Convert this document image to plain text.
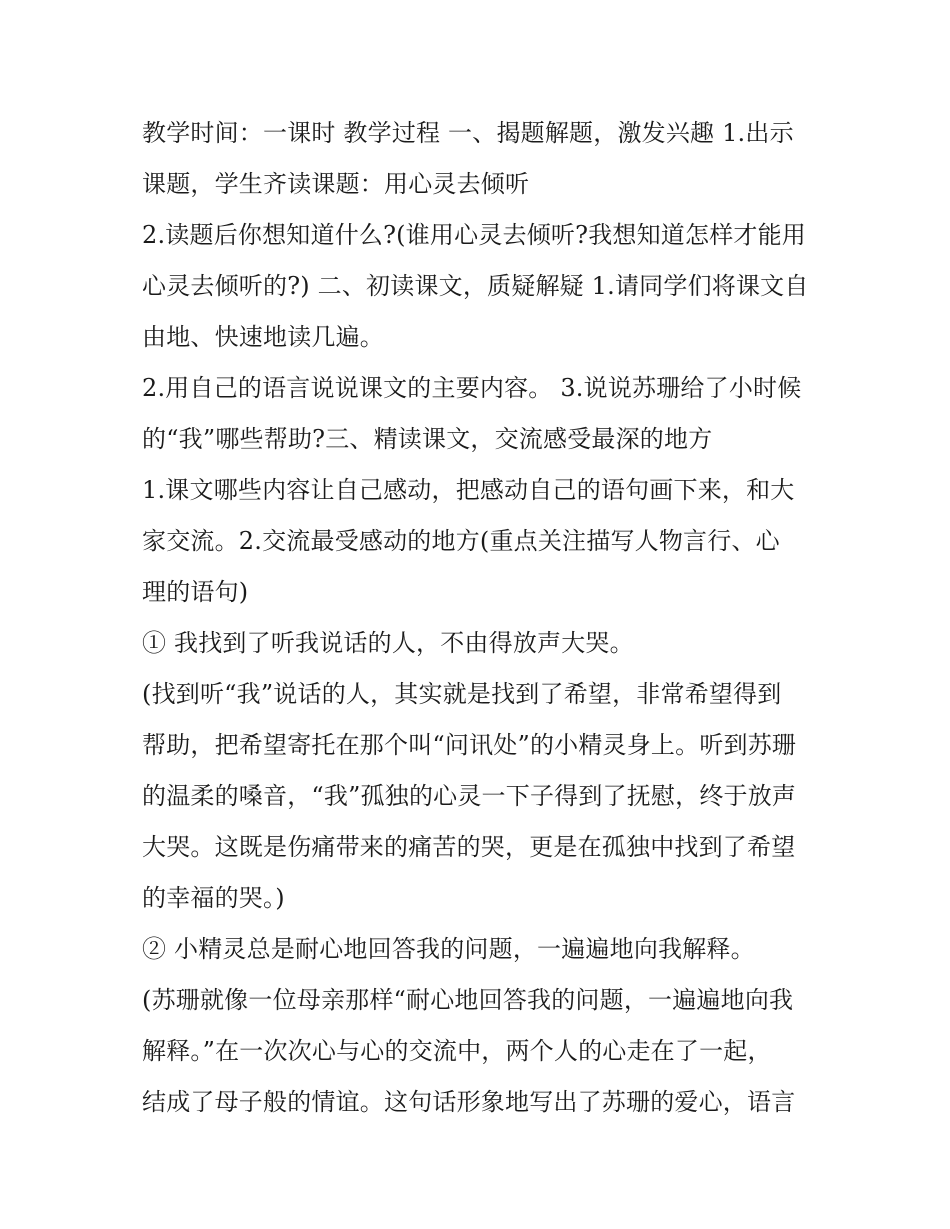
教学时间：一课时 教学过程 一、揭题解题，激发兴趣 1.出示
课题，学生齐读课题：用心灵去倾听
2.读题后你想知道什么?(谁用心灵去倾听?我想知道怎样才能用
心灵去倾听的?) 二、初读课文，质疑解疑 1.请同学们将课文自
由地、快速地读几遍。
2.用自己的语言说说课文的主要内容。 3.说说苏珊给了小时候
的“我”哪些帮助?三、精读课文，交流感受最深的地方
1.课文哪些内容让自己感动，把感动自己的语句画下来，和大
家交流。2.交流最受感动的地方(重点关注描写人物言行、心
理的语句)
① 我找到了听我说话的人，不由得放声大哭。
(找到听“我”说话的人，其实就是找到了希望，非常希望得到
帮助，把希望寄托在那个叫“问讯处”的小精灵身上。听到苏珊
的温柔的嗓音，“我”孤独的心灵一下子得到了抚慰，终于放声
大哭。这既是伤痛带来的痛苦的哭，更是在孤独中找到了希望
的幸福的哭。)
② 小精灵总是耐心地回答我的问题，一遍遍地向我解释。
(苏珊就像一位母亲那样“耐心地回答我的问题，一遍遍地向我
解释。”在一次次心与心的交流中，两个人的心走在了一起，
结成了母子般的情谊。这句话形象地写出了苏珊的爱心，语言
